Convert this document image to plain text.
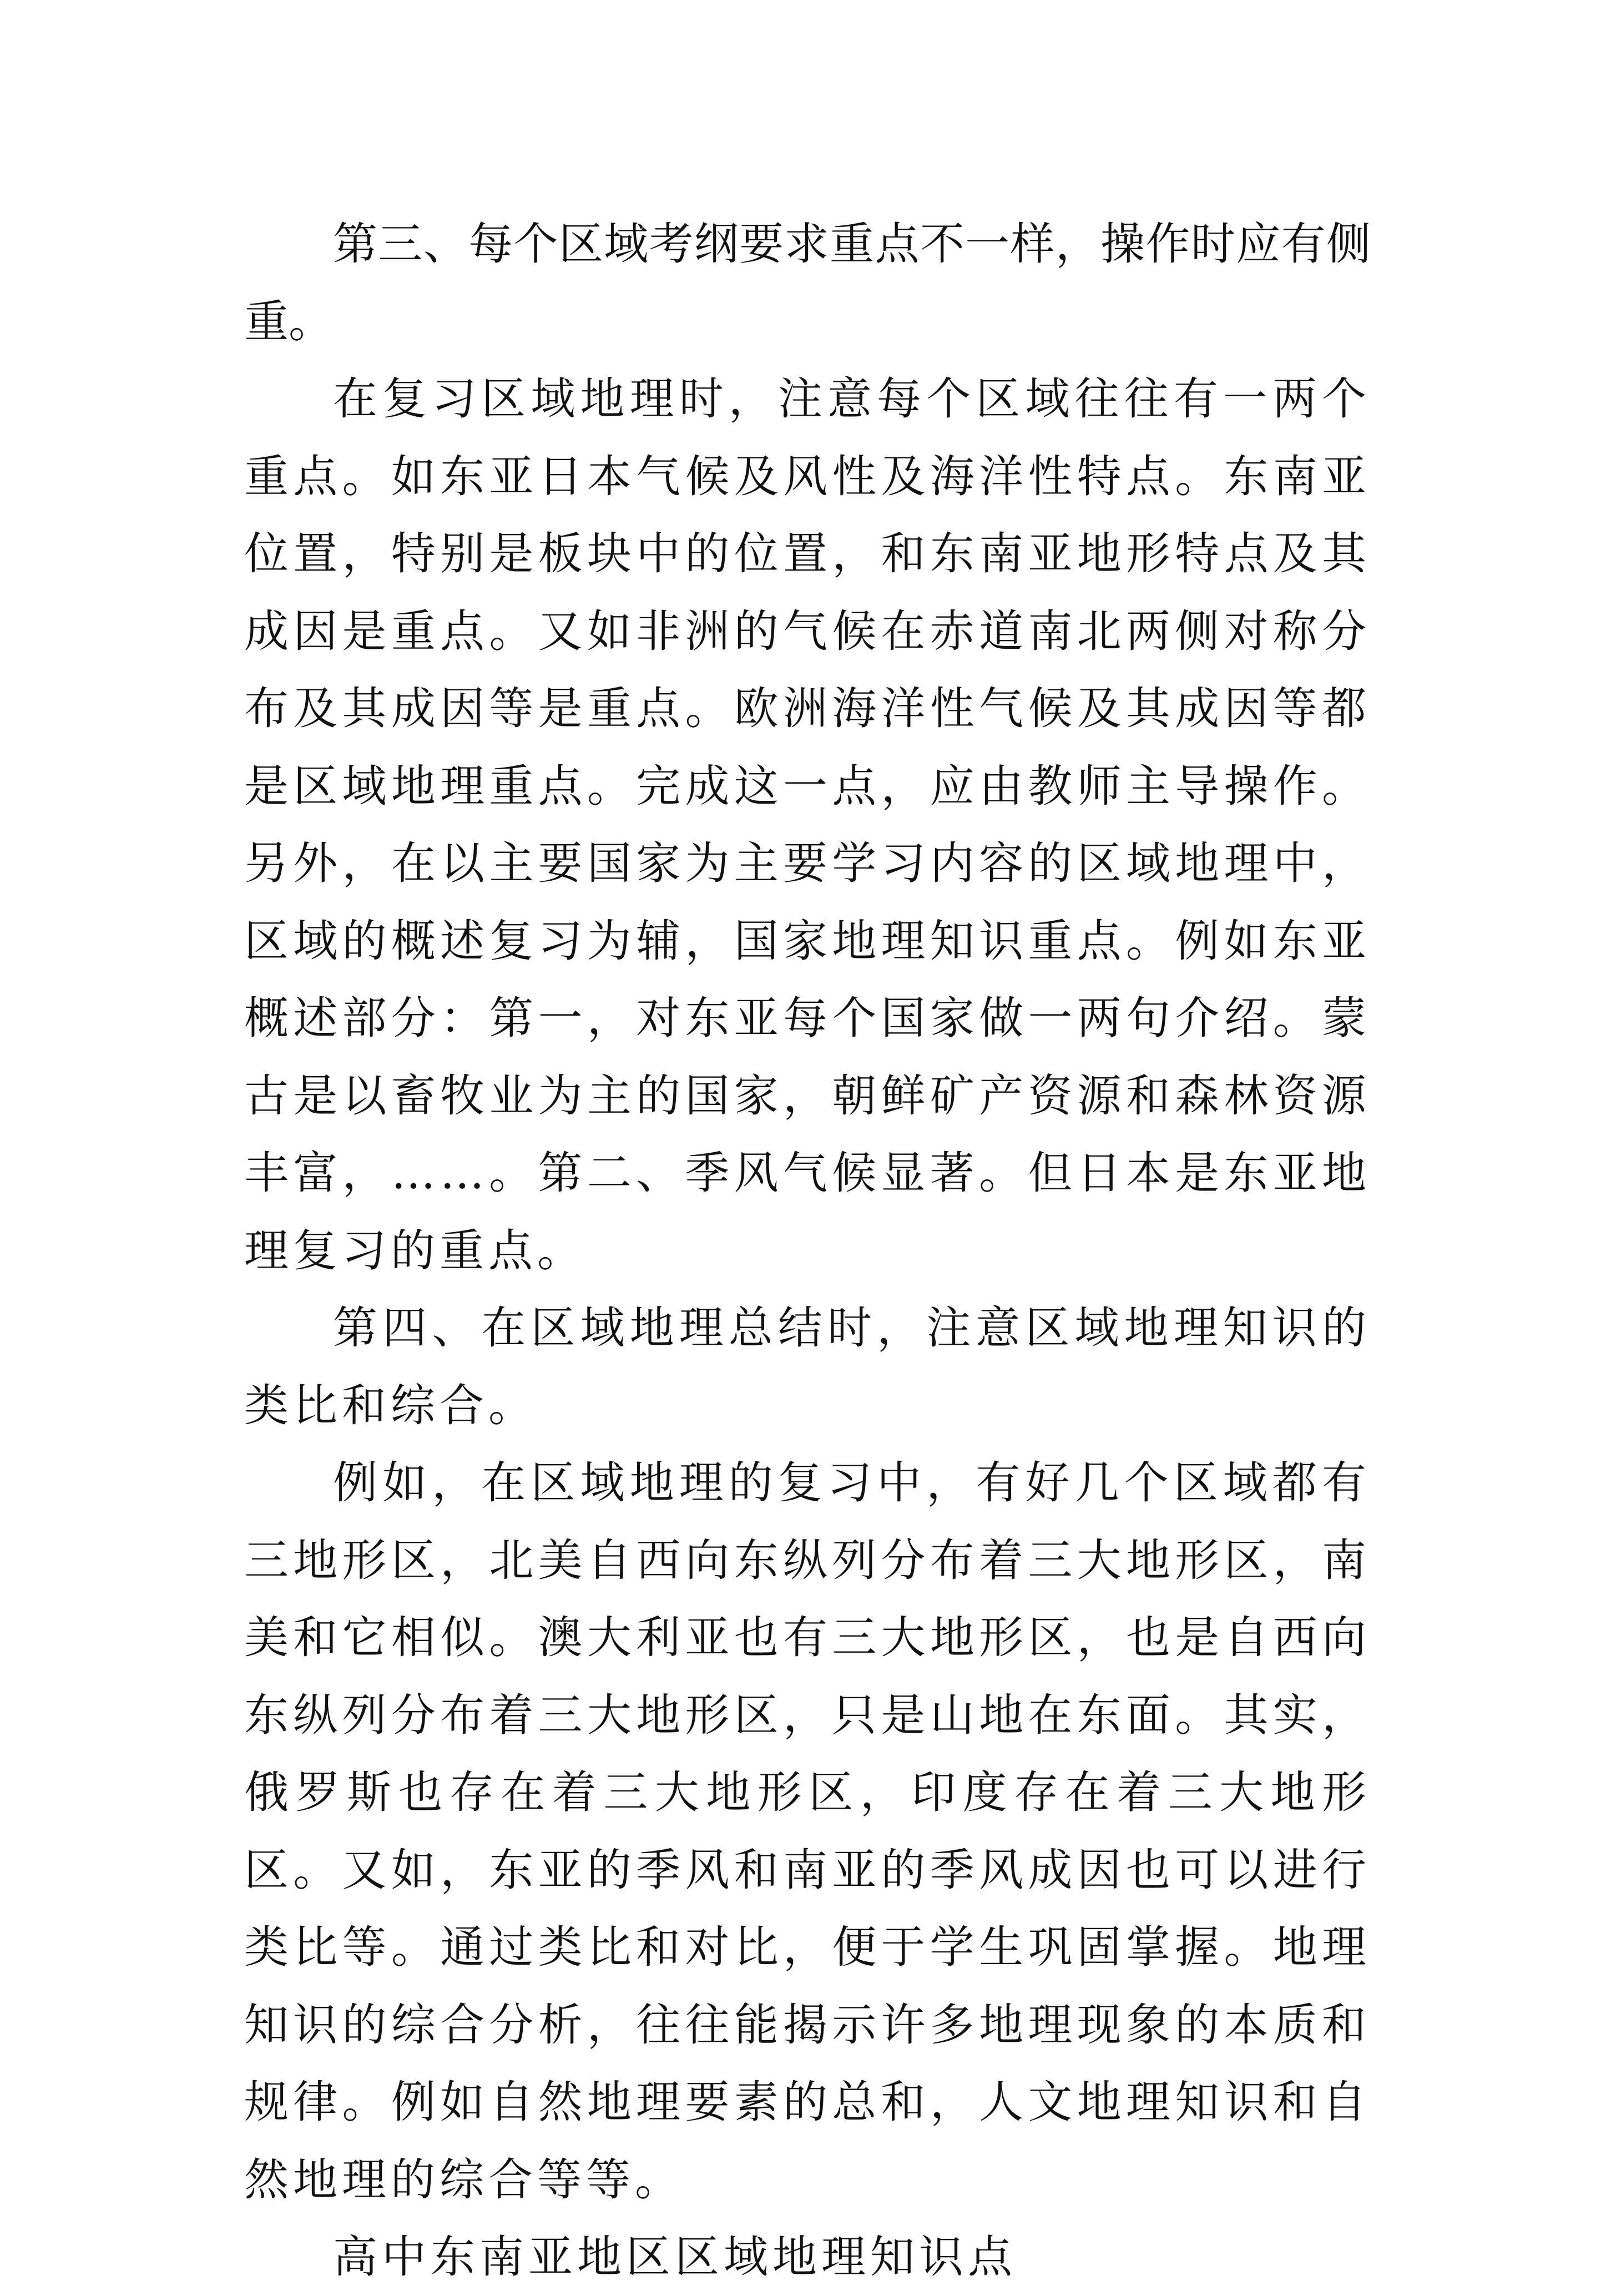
第三、每个区域考纲要求重点不一样，操作时应有侧重。

在复习区域地理时，注意每个区域往往有一两个重点。如东亚日本气候及风性及海洋性特点。东南亚位置，特别是板块中的位置，和东南亚地形特点及其成因是重点。又如非洲的气候在赤道南北两侧对称分布及其成因等是重点。欧洲海洋性气候及其成因等都是区域地理重点。完成这一点，应由教师主导操作。另外，在以主要国家为主要学习内容的区域地理中，区域的概述复习为辅，国家地理知识重点。例如东亚概述部分：第一，对东亚每个国家做一两句介绍。蒙古是以畜牧业为主的国家，朝鲜矿产资源和森林资源丰富，……。第二、季风气候显著。但日本是东亚地理复习的重点。

第四、在区域地理总结时，注意区域地理知识的类比和综合。

例如，在区域地理的复习中，有好几个区域都有三地形区，北美自西向东纵列分布着三大地形区，南美和它相似。澳大利亚也有三大地形区，也是自西向东纵列分布着三大地形区，只是山地在东面。其实，俄罗斯也存在着三大地形区，印度存在着三大地形区。又如，东亚的季风和南亚的季风成因也可以进行类比等。通过类比和对比，便于学生巩固掌握。地理知识的综合分析，往往能揭示许多地理现象的本质和规律。例如自然地理要素的总和，人文地理知识和自然地理的综合等等。

高中东南亚地区区域地理知识点
